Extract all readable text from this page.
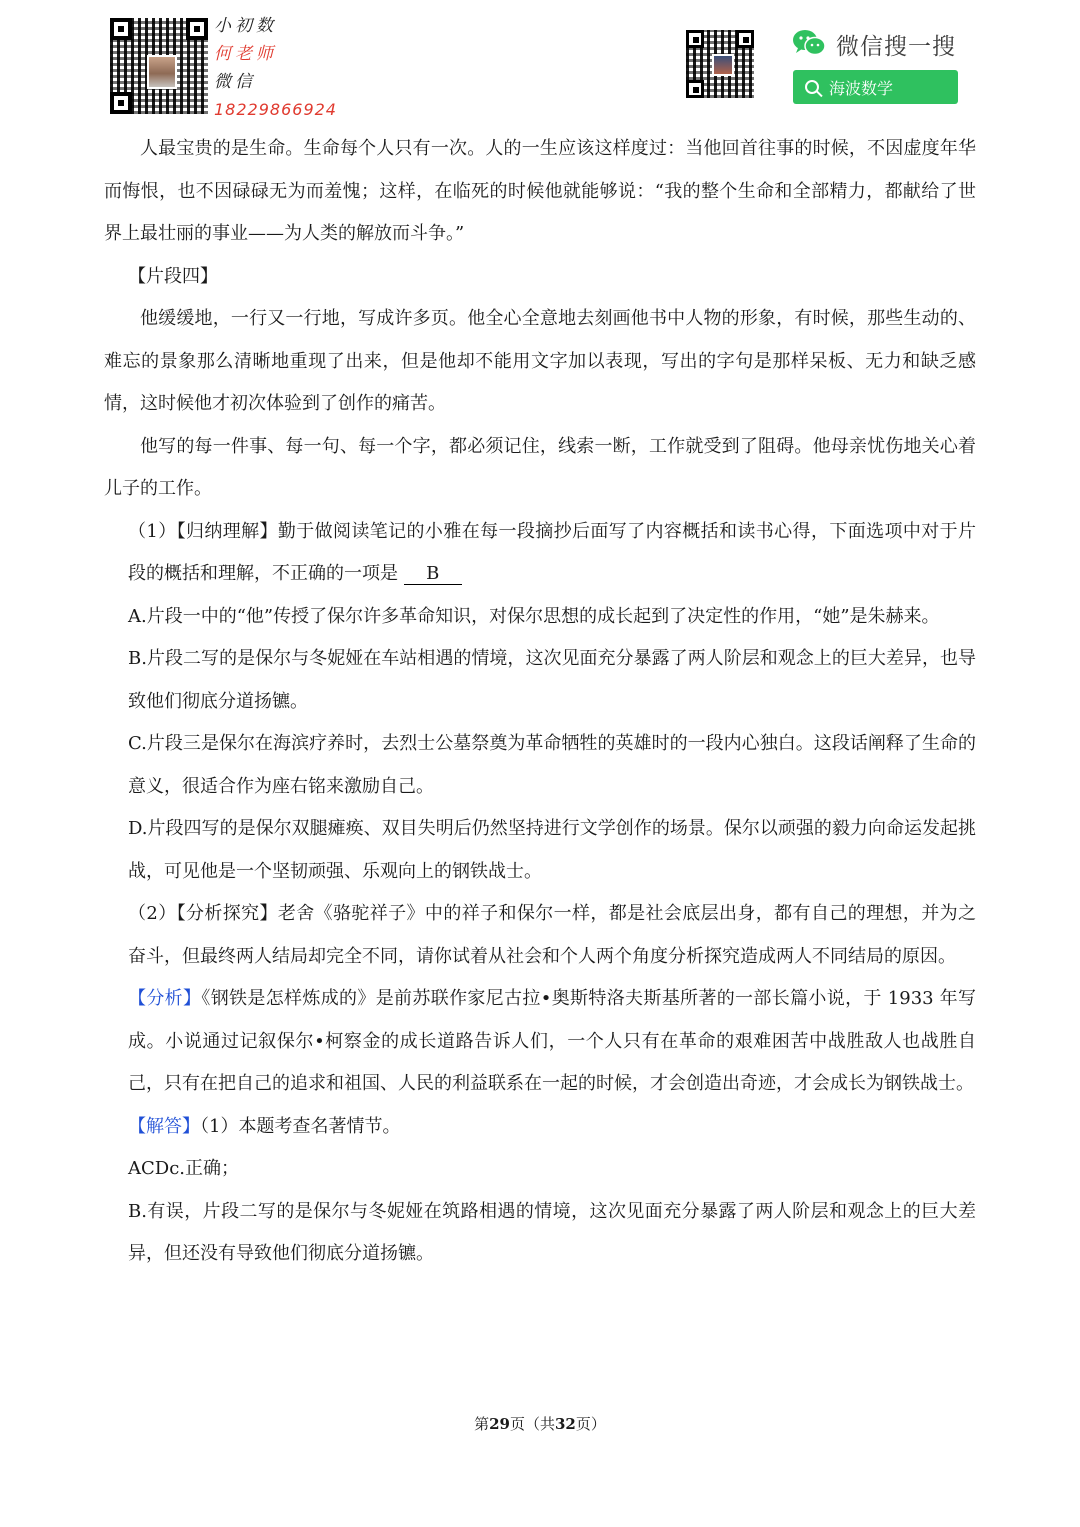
小初数
何老师
微信
18229866924
微信搜一搜
海波数学

人最宝贵的是生命。生命每个人只有一次。人的一生应该这样度过：当他回首往事的时候，不因虚度年华而悔恨，也不因碌碌无为而羞愧；这样，在临死的时候他就能够说：“我的整个生命和全部精力，都献给了世界上最壮丽的事业——为人类的解放而斗争。”

【片段四】

他缓缓地，一行又一行地，写成许多页。他全心全意地去刻画他书中人物的形象，有时候，那些生动的、难忘的景象那么清晰地重现了出来，但是他却不能用文字加以表现，写出的字句是那样呆板、无力和缺乏感情，这时候他才初次体验到了创作的痛苦。

他写的每一件事、每一句、每一个字，都必须记住，线索一断，工作就受到了阻碍。他母亲忧伤地关心着儿子的工作。

（1）【归纳理解】勤于做阅读笔记的小雅在每一段摘抄后面写了内容概括和读书心得，下面选项中对于片段的概括和理解，不正确的一项是 B

A.片段一中的“他”传授了保尔许多革命知识，对保尔思想的成长起到了决定性的作用，“她”是朱赫来。

B.片段二写的是保尔与冬妮娅在车站相遇的情境，这次见面充分暴露了两人阶层和观念上的巨大差异，也导致他们彻底分道扬镳。

C.片段三是保尔在海滨疗养时，去烈士公墓祭奠为革命牺牲的英雄时的一段内心独白。这段话阐释了生命的意义，很适合作为座右铭来激励自己。

D.片段四写的是保尔双腿瘫痪、双目失明后仍然坚持进行文学创作的场景。保尔以顽强的毅力向命运发起挑战，可见他是一个坚韧顽强、乐观向上的钢铁战士。

（2）【分析探究】老舍《骆驼祥子》中的祥子和保尔一样，都是社会底层出身，都有自己的理想，并为之奋斗，但最终两人结局却完全不同，请你试着从社会和个人两个角度分析探究造成两人不同结局的原因。

【分析】《钢铁是怎样炼成的》是前苏联作家尼古拉•奥斯特洛夫斯基所著的一部长篇小说，于 1933 年写成。小说通过记叙保尔•柯察金的成长道路告诉人们，一个人只有在革命的艰难困苦中战胜敌人也战胜自己，只有在把自己的追求和祖国、人民的利益联系在一起的时候，才会创造出奇迹，才会成长为钢铁战士。

【解答】（1）本题考查名著情节。

ACDc.正确；

B.有误，片段二写的是保尔与冬妮娅在筑路相遇的情境，这次见面充分暴露了两人阶层和观念上的巨大差异，但还没有导致他们彻底分道扬镳。

第29页（共32页）
